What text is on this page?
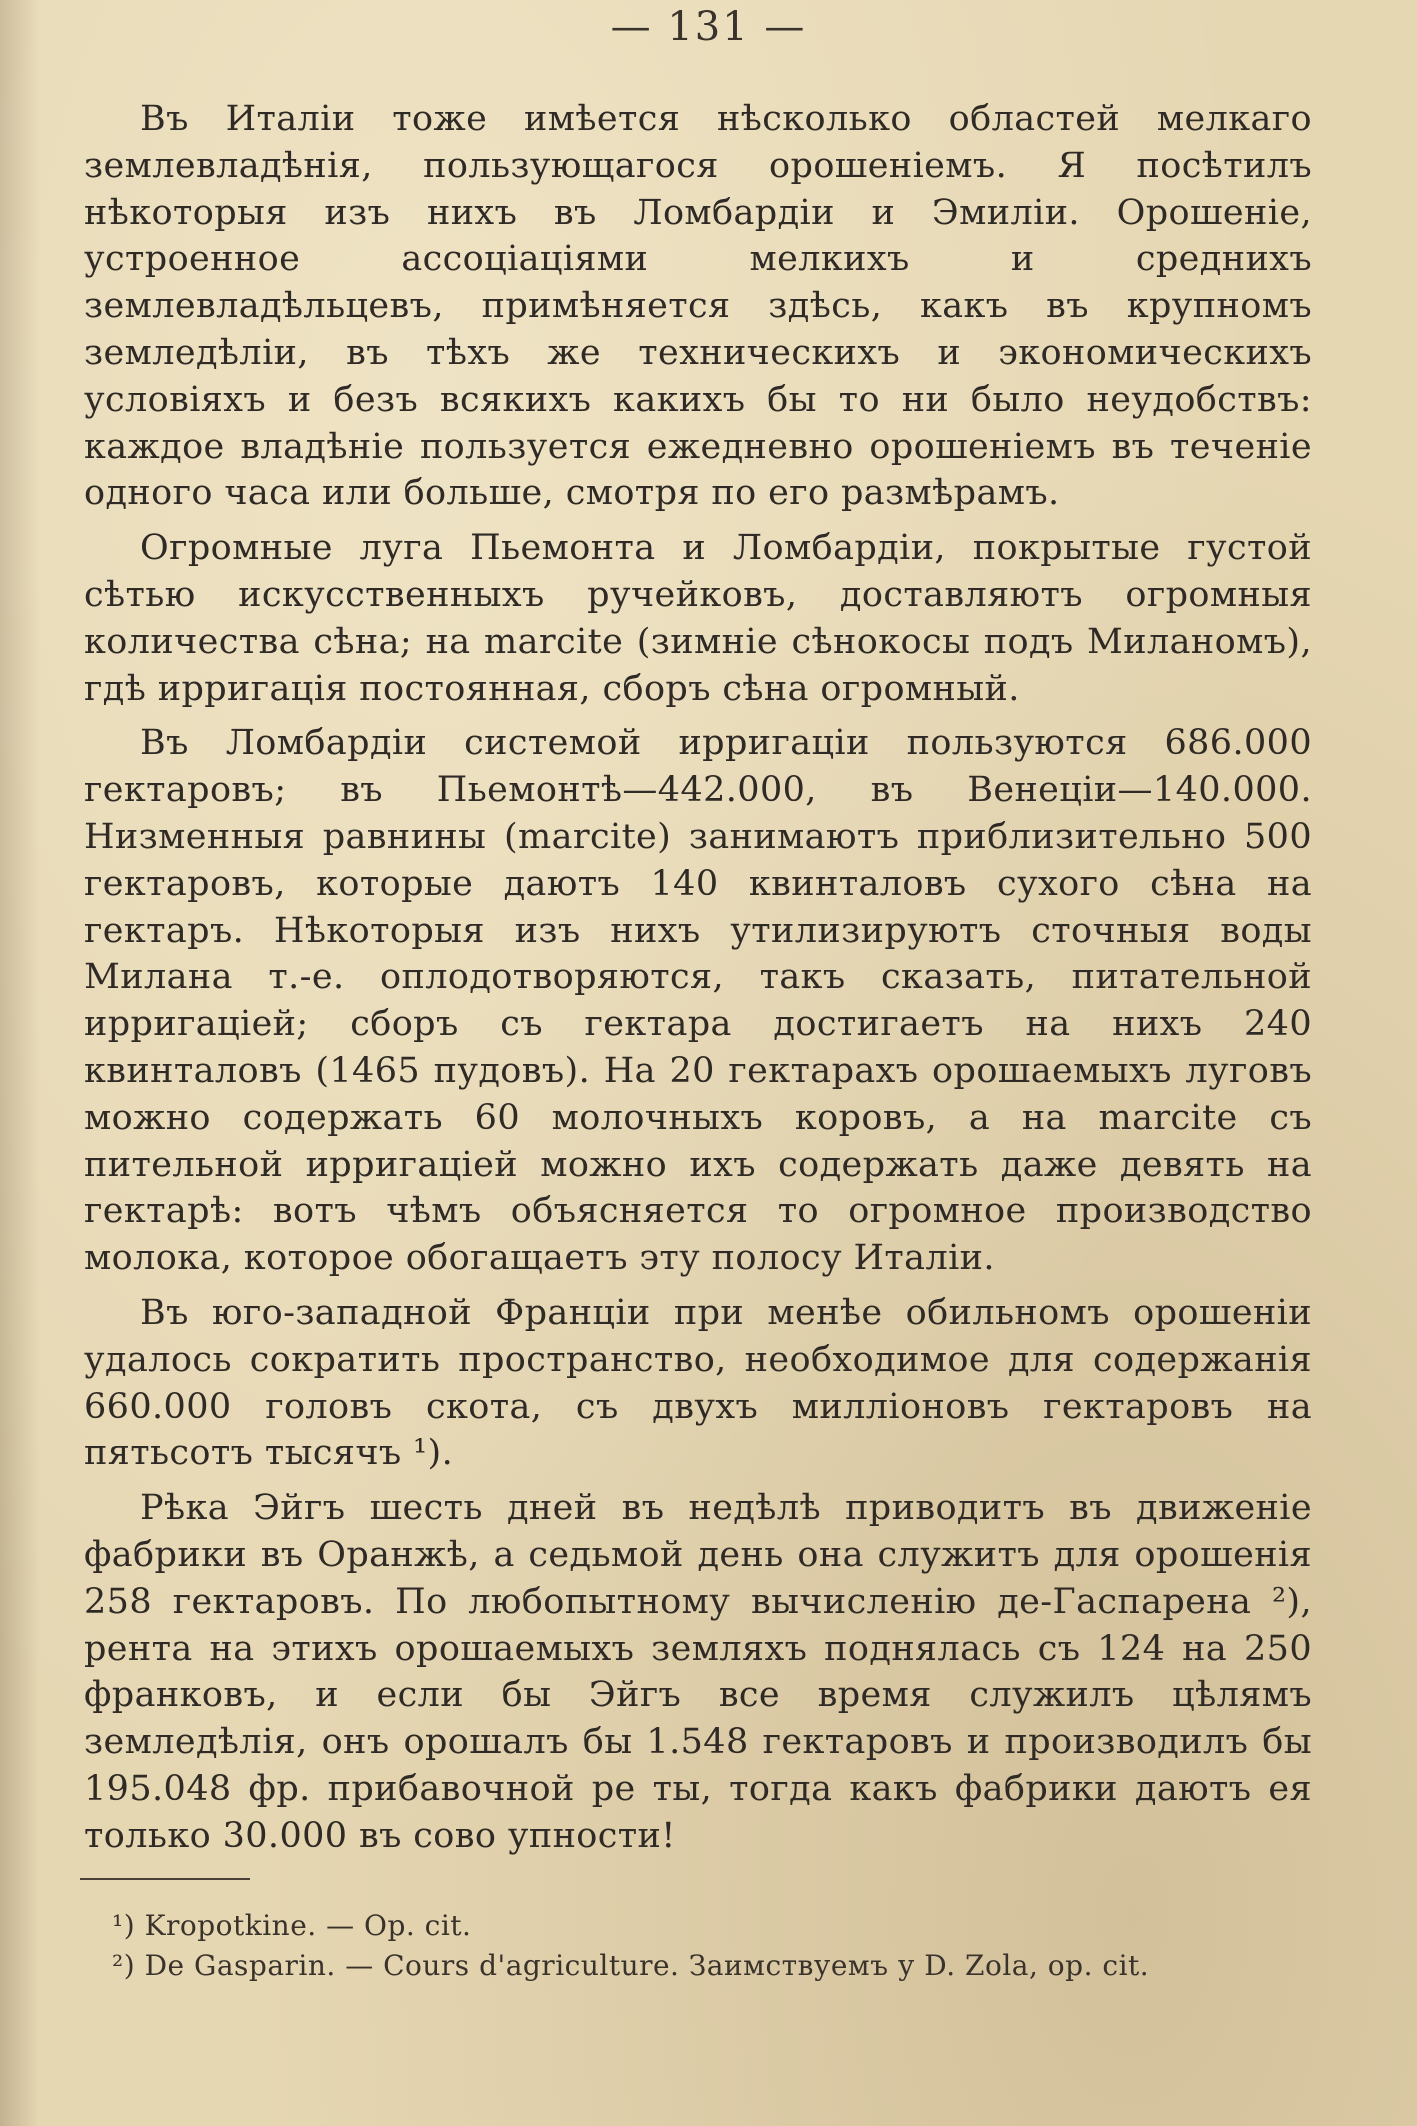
— 131 —

Въ Италіи тоже имѣется нѣсколько областей мелкаго землевладѣнія, пользующагося орошеніемъ. Я посѣтилъ нѣкоторыя изъ нихъ въ Ломбардіи и Эмиліи. Орошеніе, устроенное ассоціаціями мелкихъ и среднихъ землевладѣльцевъ, примѣняется здѣсь, какъ въ крупномъ земледѣліи, въ тѣхъ же техническихъ и экономическихъ условіяхъ и безъ всякихъ какихъ бы то ни было неудобствъ: каждое владѣніе пользуется ежедневно орошеніемъ въ теченіе одного часа или больше, смотря по его размѣрамъ.

Огромные луга Пьемонта и Ломбардіи, покрытые густой сѣтью искусственныхъ ручейковъ, доставляютъ огромныя количества сѣна; на marcite (зимніе сѣнокосы подъ Миланомъ), гдѣ ирригація постоянная, сборъ сѣна огромный.

Въ Ломбардіи системой ирригаціи пользуются 686.000 гектаровъ; въ Пьемонтѣ—442.000, въ Венеціи—140.000. Низменныя равнины (marcite) занимаютъ приблизительно 500 гектаровъ, которые даютъ 140 квинталовъ сухого сѣна на гектаръ. Нѣкоторыя изъ нихъ утилизируютъ сточныя воды Милана т.-е. оплодотворяются, такъ сказать, питательной ирригаціей; сборъ съ гектара достигаетъ на нихъ 240 квинталовъ (1465 пудовъ). На 20 гектарахъ орошаемыхъ луговъ можно содержать 60 молочныхъ коровъ, а на marcite съ пительной ирригаціей можно ихъ содержать даже девять на гектарѣ: вотъ чѣмъ объясняется то огромное производство молока, которое обогащаетъ эту полосу Италіи.

Въ юго-западной Франціи при менѣе обильномъ орошеніи удалось сократить пространство, необходимое для содержанія 660.000 головъ скота, съ двухъ милліоновъ гектаровъ на пятьсотъ тысячъ ¹).

Рѣка Эйгъ шесть дней въ недѣлѣ приводитъ въ движеніе фабрики въ Оранжѣ, а седьмой день она служитъ для орошенія 258 гектаровъ. По любопытному вычисленію де-Гаспарена ²), рента на этихъ орошаемыхъ земляхъ поднялась съ 124 на 250 франковъ, и если бы Эйгъ все время служилъ цѣлямъ земледѣлія, онъ орошалъ бы 1.548 гектаровъ и производилъ бы 195.048 фр. прибавочной ре ты, тогда какъ фабрики даютъ ея только 30.000 въ сово упности!

¹) Kropotkine. — Op. cit.

²) De Gasparin. — Cours d'agriculture. Заимствуемъ у D. Zola, op. cit.
